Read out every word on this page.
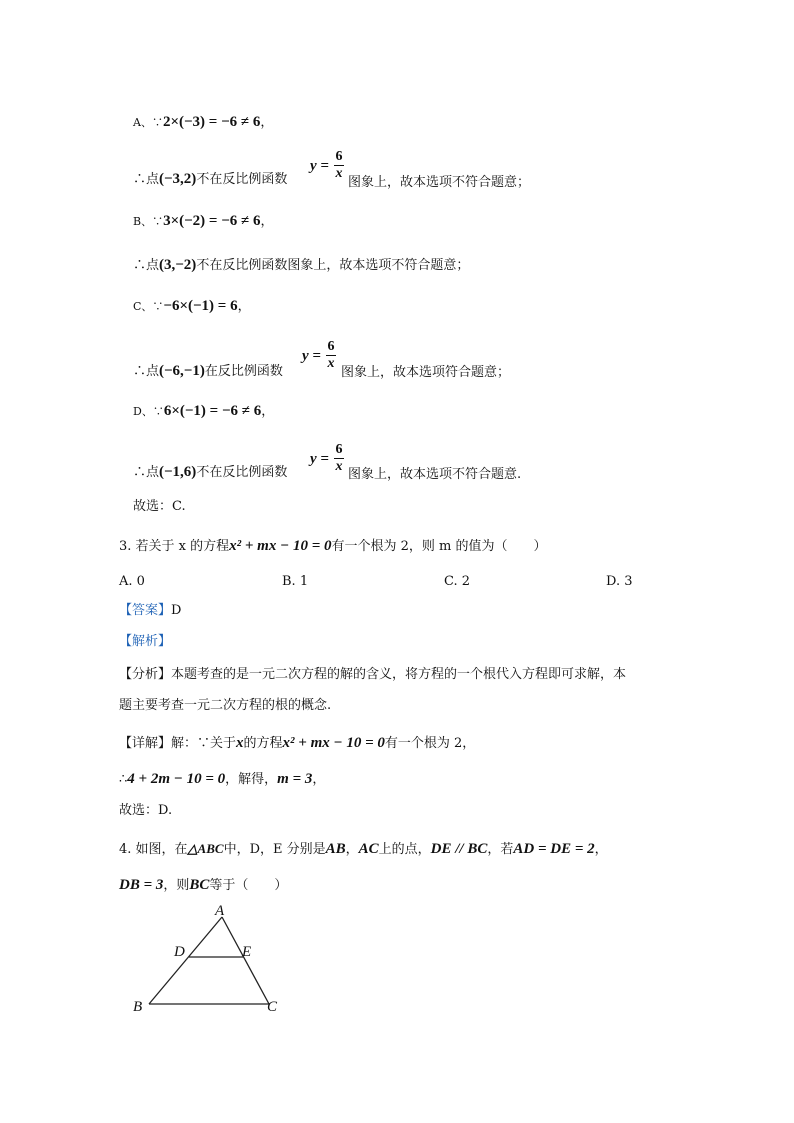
A、∵2×(−3) = −6 ≠ 6，
∴点(−3,2)不在反比例函数
y =
6
x
图象上，故本选项不符合题意；
B、∵3×(−2) = −6 ≠ 6，
∴点(3,−2)不在反比例函数图象上，故本选项不符合题意；
C、∵−6×(−1) = 6，
∴点(−6,−1)在反比例函数
y =
6
x
图象上，故本选项符合题意；
D、∵6×(−1) = −6 ≠ 6，
∴点(−1,6)不在反比例函数
y =
6
x
图象上，故本选项不符合题意.
故选：C.
3. 若关于 x 的方程x² + mx − 10 = 0有一个根为 2，则 m 的值为（　　）
A. 0	B. 1	C. 2	D. 3
【答案】D
【解析】
【分析】本题考查的是一元二次方程的解的含义，将方程的一个根代入方程即可求解，本
题主要考查一元二次方程的根的概念.
【详解】解：∵关于x的方程x² + mx − 10 = 0有一个根为 2，
∴4 + 2m − 10 = 0，解得，m = 3，
故选：D.
4. 如图，在△ABC中，D，E 分别是AB，AC上的点，DE // BC，若AD = DE = 2，
DB = 3，则BC等于（　　）
A
D	E
B	C
